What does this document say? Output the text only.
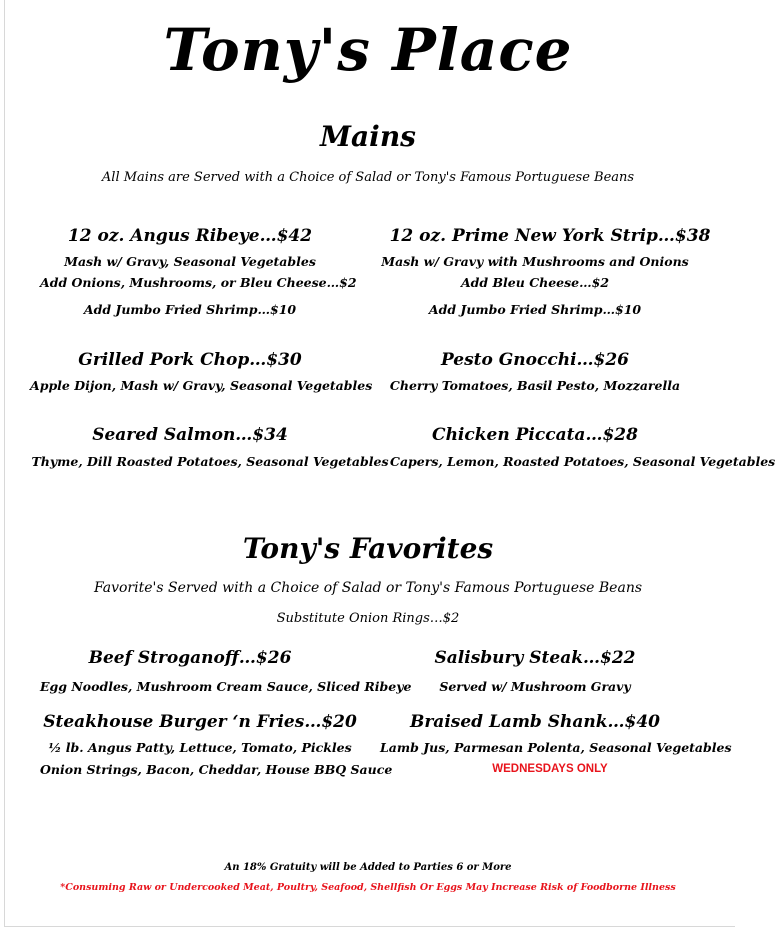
Tony's Place
Mains
All Mains are Served with a Choice of Salad or Tony's Famous Portuguese Beans
12 oz. Angus Ribeye…$42
Mash w/ Gravy, Seasonal Vegetables
Add Onions, Mushrooms, or Bleu Cheese…$2
Add Jumbo Fried Shrimp…$10
12 oz. Prime New York Strip…$38
Mash w/ Gravy with Mushrooms and Onions
Add Bleu Cheese…$2
Add Jumbo Fried Shrimp…$10
Grilled Pork Chop…$30
Apple Dijon, Mash w/ Gravy, Seasonal Vegetables
Pesto Gnocchi…$26
Cherry Tomatoes, Basil Pesto, Mozzarella
Seared Salmon…$34
Thyme, Dill Roasted Potatoes, Seasonal Vegetables
Chicken Piccata…$28
Capers, Lemon, Roasted Potatoes, Seasonal Vegetables
Tony's Favorites
Favorite's Served with a Choice of Salad or Tony's Famous Portuguese Beans
Substitute Onion Rings…$2
Beef Stroganoff…$26
Egg Noodles, Mushroom Cream Sauce, Sliced Ribeye
Salisbury Steak…$22
Served w/ Mushroom Gravy
Steakhouse Burger ‘n Fries…$20
½ lb. Angus Patty, Lettuce, Tomato, Pickles
Onion Strings, Bacon, Cheddar, House BBQ Sauce
Braised Lamb Shank…$40
Lamb Jus, Parmesan Polenta, Seasonal Vegetables
WEDNESDAYS ONLY
An 18% Gratuity will be Added to Parties 6 or More
*Consuming Raw or Undercooked Meat, Poultry, Seafood, Shellfish Or Eggs May Increase Risk of Foodborne Illness
